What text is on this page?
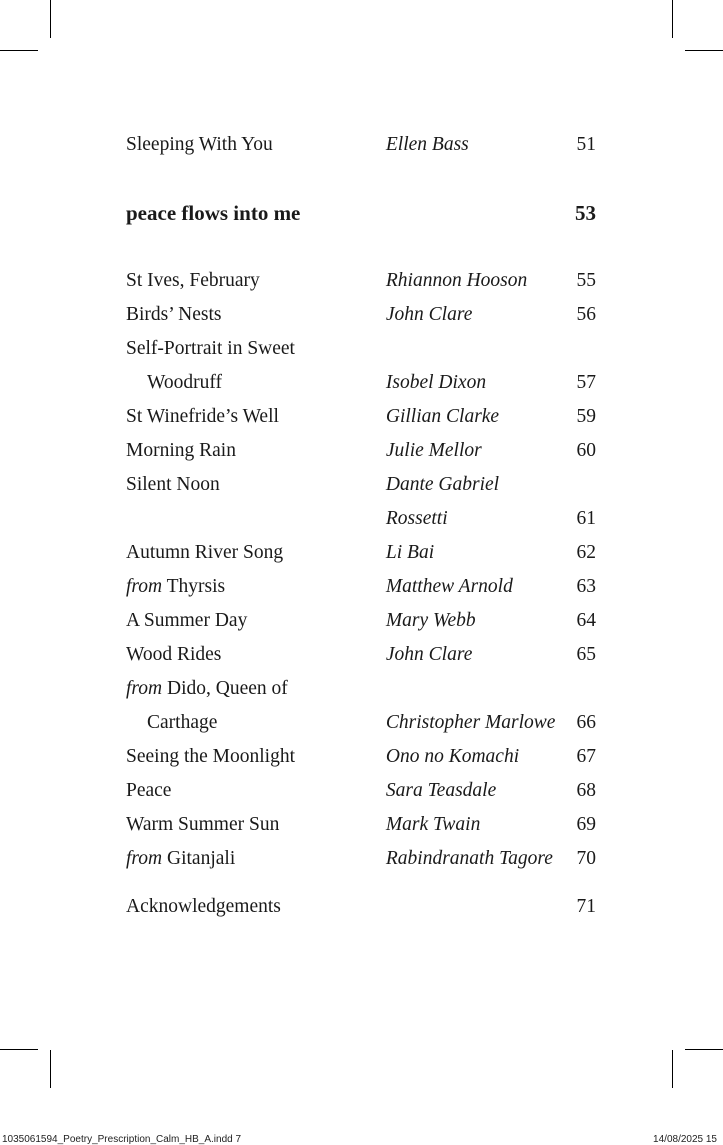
Sleeping With You	Ellen Bass	51

peace flows into me		53

St Ives, February	Rhiannon Hooson	55
Birds’ Nests	John Clare	56
Self-Portrait in Sweet		
Woodruff	Isobel Dixon	57
St Winefride’s Well	Gillian Clarke	59
Morning Rain	Julie Mellor	60
Silent Noon	Dante Gabriel	
	Rossetti	61
Autumn River Song	Li Bai	62
from Thyrsis	Matthew Arnold	63
A Summer Day	Mary Webb	64
Wood Rides	John Clare	65
from Dido, Queen of		
Carthage	Christopher Marlowe	66
Seeing the Moonlight	Ono no Komachi	67
Peace	Sara Teasdale	68
Warm Summer Sun	Mark Twain	69
from Gitanjali	Rabindranath Tagore	70

Acknowledgements		71
1035061594_Poetry_Prescription_Calm_HB_A.indd 7	14/08/2025 15
